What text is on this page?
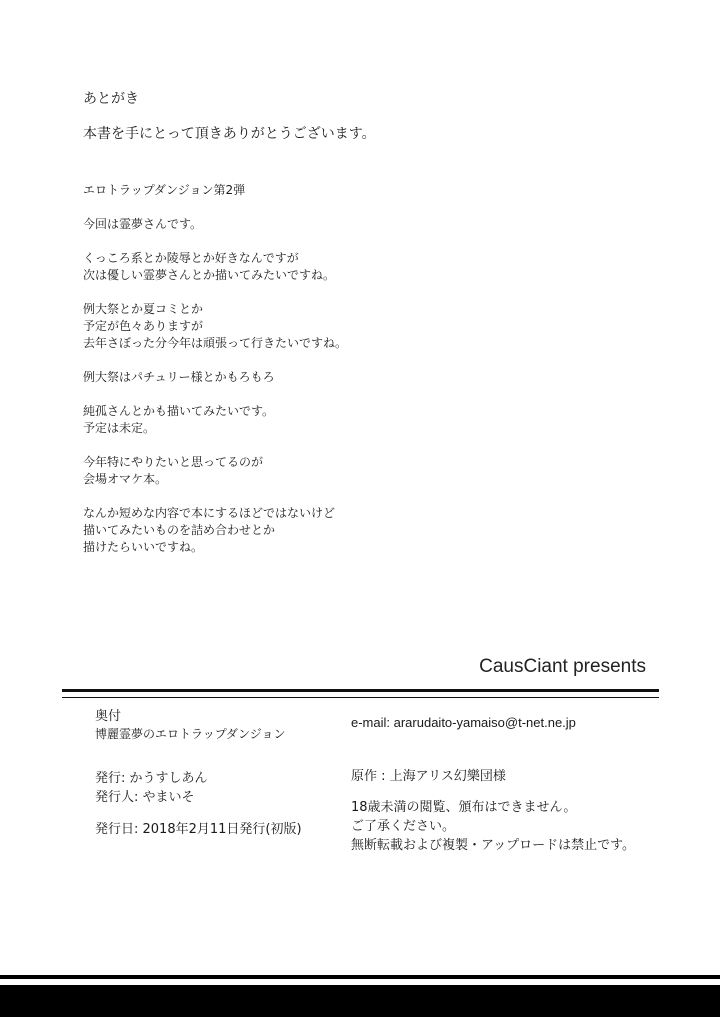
あとがき

本書を手にとって頂きありがとうございます。

エロトラップダンジョン第2弾

今回は霊夢さんです。

くっころ系とか陵辱とか好きなんですが
次は優しい霊夢さんとか描いてみたいですね。

例大祭とか夏コミとか
予定が色々ありますが
去年さぼった分今年は頑張って行きたいですね。

例大祭はパチュリー様とかもろもろ

純孤さんとかも描いてみたいです。
予定は未定。

今年特にやりたいと思ってるのが
会場オマケ本。

なんか短めな内容で本にするほどではないけど
描いてみたいものを詰め合わせとか
描けたらいいですね。

CausCiant presents

奥付

博麗霊夢のエロトラップダンジョン

発行: かうすしあん
発行人: やまいそ
発行日: 2018年2月11日発行(初版)

e-mail: ararudaito-yamaiso@t-net.ne.jp

原作 : 上海アリス幻樂団様

18歳未満の閲覧、頒布はできません。
ご了承ください。
無断転載および複製・アップロードは禁止です。
